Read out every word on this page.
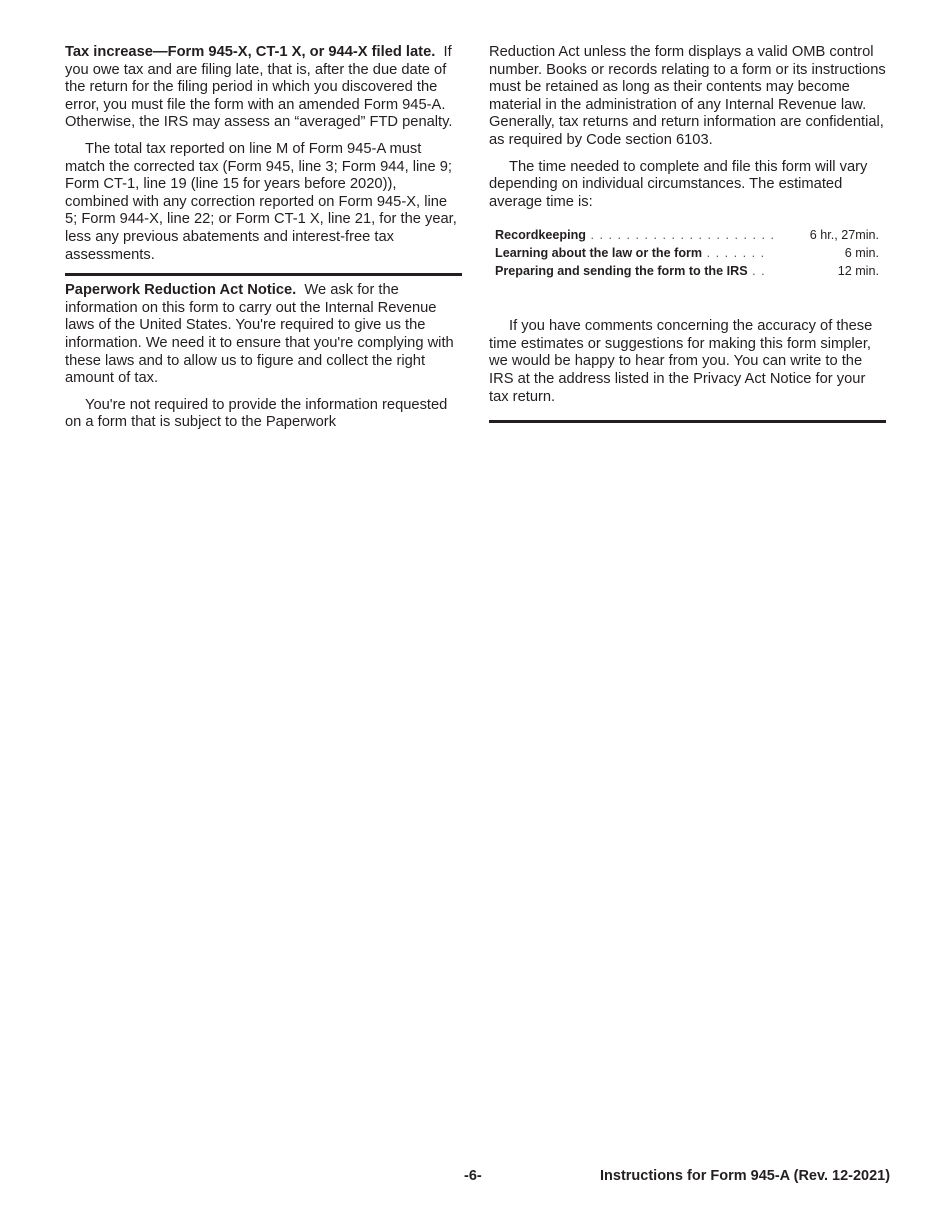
Tax increase—Form 945-X, CT-1 X, or 944-X filed late. If you owe tax and are filing late, that is, after the due date of the return for the filing period in which you discovered the error, you must file the form with an amended Form 945-A. Otherwise, the IRS may assess an “averaged” FTD penalty.

The total tax reported on line M of Form 945-A must match the corrected tax (Form 945, line 3; Form 944, line 9; Form CT-1, line 19 (line 15 for years before 2020)), combined with any correction reported on Form 945-X, line 5; Form 944-X, line 22; or Form CT-1 X, line 21, for the year, less any previous abatements and interest-free tax assessments.

Paperwork Reduction Act Notice. We ask for the information on this form to carry out the Internal Revenue laws of the United States. You're required to give us the information. We need it to ensure that you're complying with these laws and to allow us to figure and collect the right amount of tax.

You're not required to provide the information requested on a form that is subject to the Paperwork

Reduction Act unless the form displays a valid OMB control number. Books or records relating to a form or its instructions must be retained as long as their contents may become material in the administration of any Internal Revenue law. Generally, tax returns and return information are confidential, as required by Code section 6103.

The time needed to complete and file this form will vary depending on individual circumstances. The estimated average time is:

Recordkeeping . . . . . . . . . . . . . . . . . . . . .	6 hr., 27min.
Learning about the law or the form . . . . . . .	6 min.
Preparing and sending the form to the IRS . .	12 min.

If you have comments concerning the accuracy of these time estimates or suggestions for making this form simpler, we would be happy to hear from you. You can write to the IRS at the address listed in the Privacy Act Notice for your tax return.

-6-	Instructions for Form 945-A (Rev. 12-2021)
